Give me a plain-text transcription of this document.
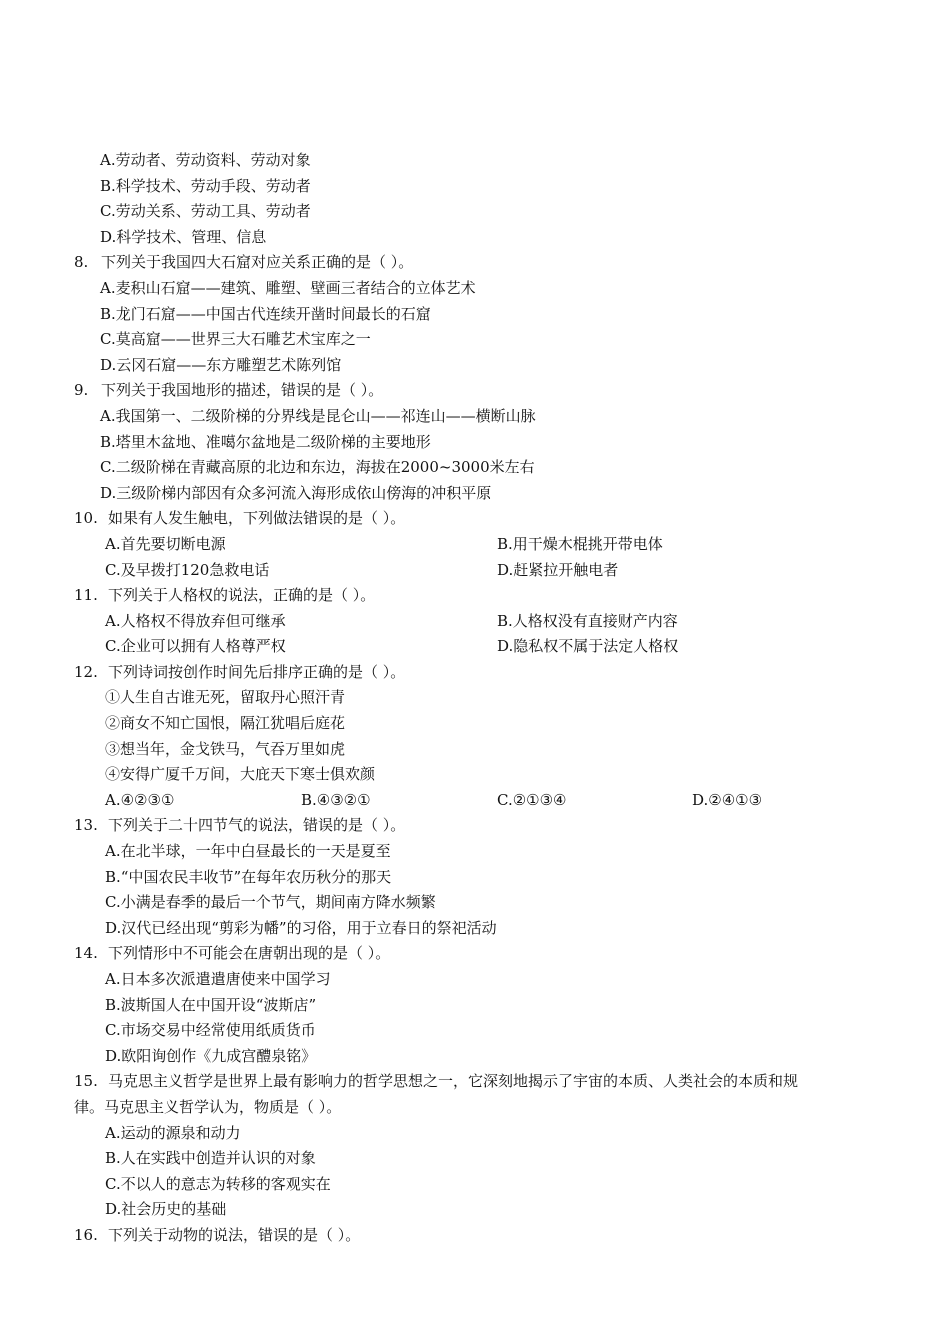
A.劳动者、劳动资料、劳动对象
B.科学技术、劳动手段、劳动者
C.劳动关系、劳动工具、劳动者
D.科学技术、管理、信息
8. 下列关于我国四大石窟对应关系正确的是（ ）。
A.麦积山石窟——建筑、雕塑、壁画三者结合的立体艺术
B.龙门石窟——中国古代连续开凿时间最长的石窟
C.莫高窟——世界三大石雕艺术宝库之一
D.云冈石窟——东方雕塑艺术陈列馆
9. 下列关于我国地形的描述，错误的是（ ）。
A.我国第一、二级阶梯的分界线是昆仑山——祁连山——横断山脉
B.塔里木盆地、准噶尔盆地是二级阶梯的主要地形
C.二级阶梯在青藏高原的北边和东边，海拔在2000~3000米左右
D.三级阶梯内部因有众多河流入海形成依山傍海的冲积平原
10. 如果有人发生触电，下列做法错误的是（ ）。
A.首先要切断电源	B.用干燥木棍挑开带电体
C.及早拨打120急救电话	D.赶紧拉开触电者
11. 下列关于人格权的说法，正确的是（ ）。
A.人格权不得放弃但可继承	B.人格权没有直接财产内容
C.企业可以拥有人格尊严权	D.隐私权不属于法定人格权
12. 下列诗词按创作时间先后排序正确的是（ ）。
①人生自古谁无死，留取丹心照汗青
②商女不知亡国恨，隔江犹唱后庭花
③想当年，金戈铁马，气吞万里如虎
④安得广厦千万间，大庇天下寒士俱欢颜
A.④②③①	B.④③②①	C.②①③④	D.②④①③
13. 下列关于二十四节气的说法，错误的是（ ）。
A.在北半球，一年中白昼最长的一天是夏至
B.“中国农民丰收节”在每年农历秋分的那天
C.小满是春季的最后一个节气，期间南方降水频繁
D.汉代已经出现“剪彩为幡”的习俗，用于立春日的祭祀活动
14. 下列情形中不可能会在唐朝出现的是（ ）。
A.日本多次派遣遣唐使来中国学习
B.波斯国人在中国开设“波斯店”
C.市场交易中经常使用纸质货币
D.欧阳询创作《九成宫醴泉铭》
15. 马克思主义哲学是世界上最有影响力的哲学思想之一，它深刻地揭示了宇宙的本质、人类社会的本质和规
律。马克思主义哲学认为，物质是（ ）。
A.运动的源泉和动力
B.人在实践中创造并认识的对象
C.不以人的意志为转移的客观实在
D.社会历史的基础
16. 下列关于动物的说法，错误的是（ ）。
